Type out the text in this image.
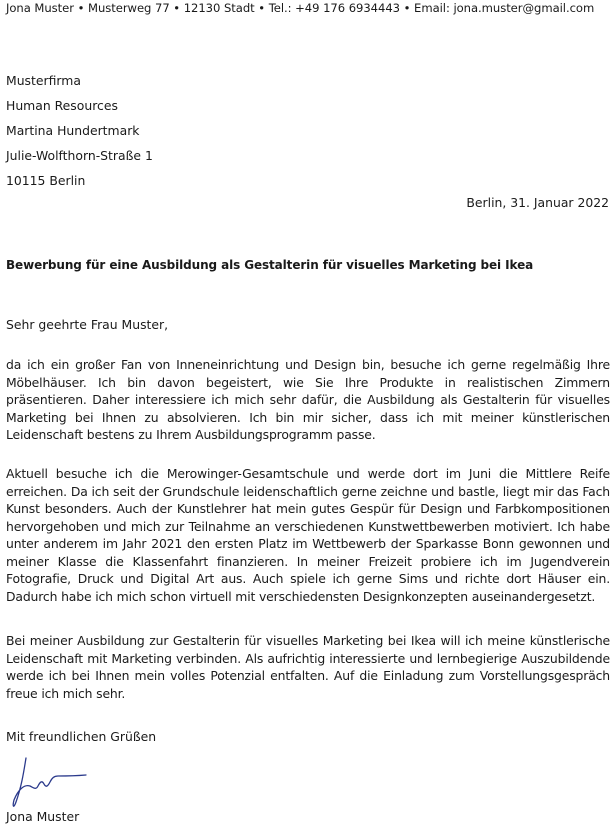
Jona Muster • Musterweg 77 • 12130 Stadt • Tel.: +49 176 6934443 • Email: jona.muster@gmail.com
Musterfirma
Human Resources
Martina Hundertmark
Julie-Wolfthorn-Straße 1
10115 Berlin
Berlin, 31. Januar 2022
Bewerbung für eine Ausbildung als Gestalterin für visuelles Marketing bei Ikea
Sehr geehrte Frau Muster,
da ich ein großer Fan von Inneneinrichtung und Design bin, besuche ich gerne regelmäßig Ihre Möbelhäuser. Ich bin davon begeistert, wie Sie Ihre Produkte in realistischen Zimmern präsentieren. Daher interessiere ich mich sehr dafür, die Ausbildung als Gestalterin für visuelles Marketing bei Ihnen zu absolvieren. Ich bin mir sicher, dass ich mit meiner künstlerischen Leidenschaft bestens zu Ihrem Ausbildungsprogramm passe.
Aktuell besuche ich die Merowinger-Gesamtschule und werde dort im Juni die Mittlere Reife erreichen. Da ich seit der Grundschule leidenschaftlich gerne zeichne und bastle, liegt mir das Fach Kunst besonders. Auch der Kunstlehrer hat mein gutes Gespür für Design und Farbkompositionen hervorgehoben und mich zur Teilnahme an verschiedenen Kunstwettbewerben motiviert. Ich habe unter anderem im Jahr 2021 den ersten Platz im Wettbewerb der Sparkasse Bonn gewonnen und meiner Klasse die Klassenfahrt finanzieren. In meiner Freizeit probiere ich im Jugendverein Fotografie, Druck und Digital Art aus. Auch spiele ich gerne Sims und richte dort Häuser ein. Dadurch habe ich mich schon virtuell mit verschiedensten Designkonzepten auseinandergesetzt.
Bei meiner Ausbildung zur Gestalterin für visuelles Marketing bei Ikea will ich meine künstlerische Leidenschaft mit Marketing verbinden. Als aufrichtig interessierte und lernbegierige Auszubildende werde ich bei Ihnen mein volles Potenzial entfalten. Auf die Einladung zum Vorstellungsgespräch freue ich mich sehr.
Mit freundlichen Grüßen
Jona Muster
